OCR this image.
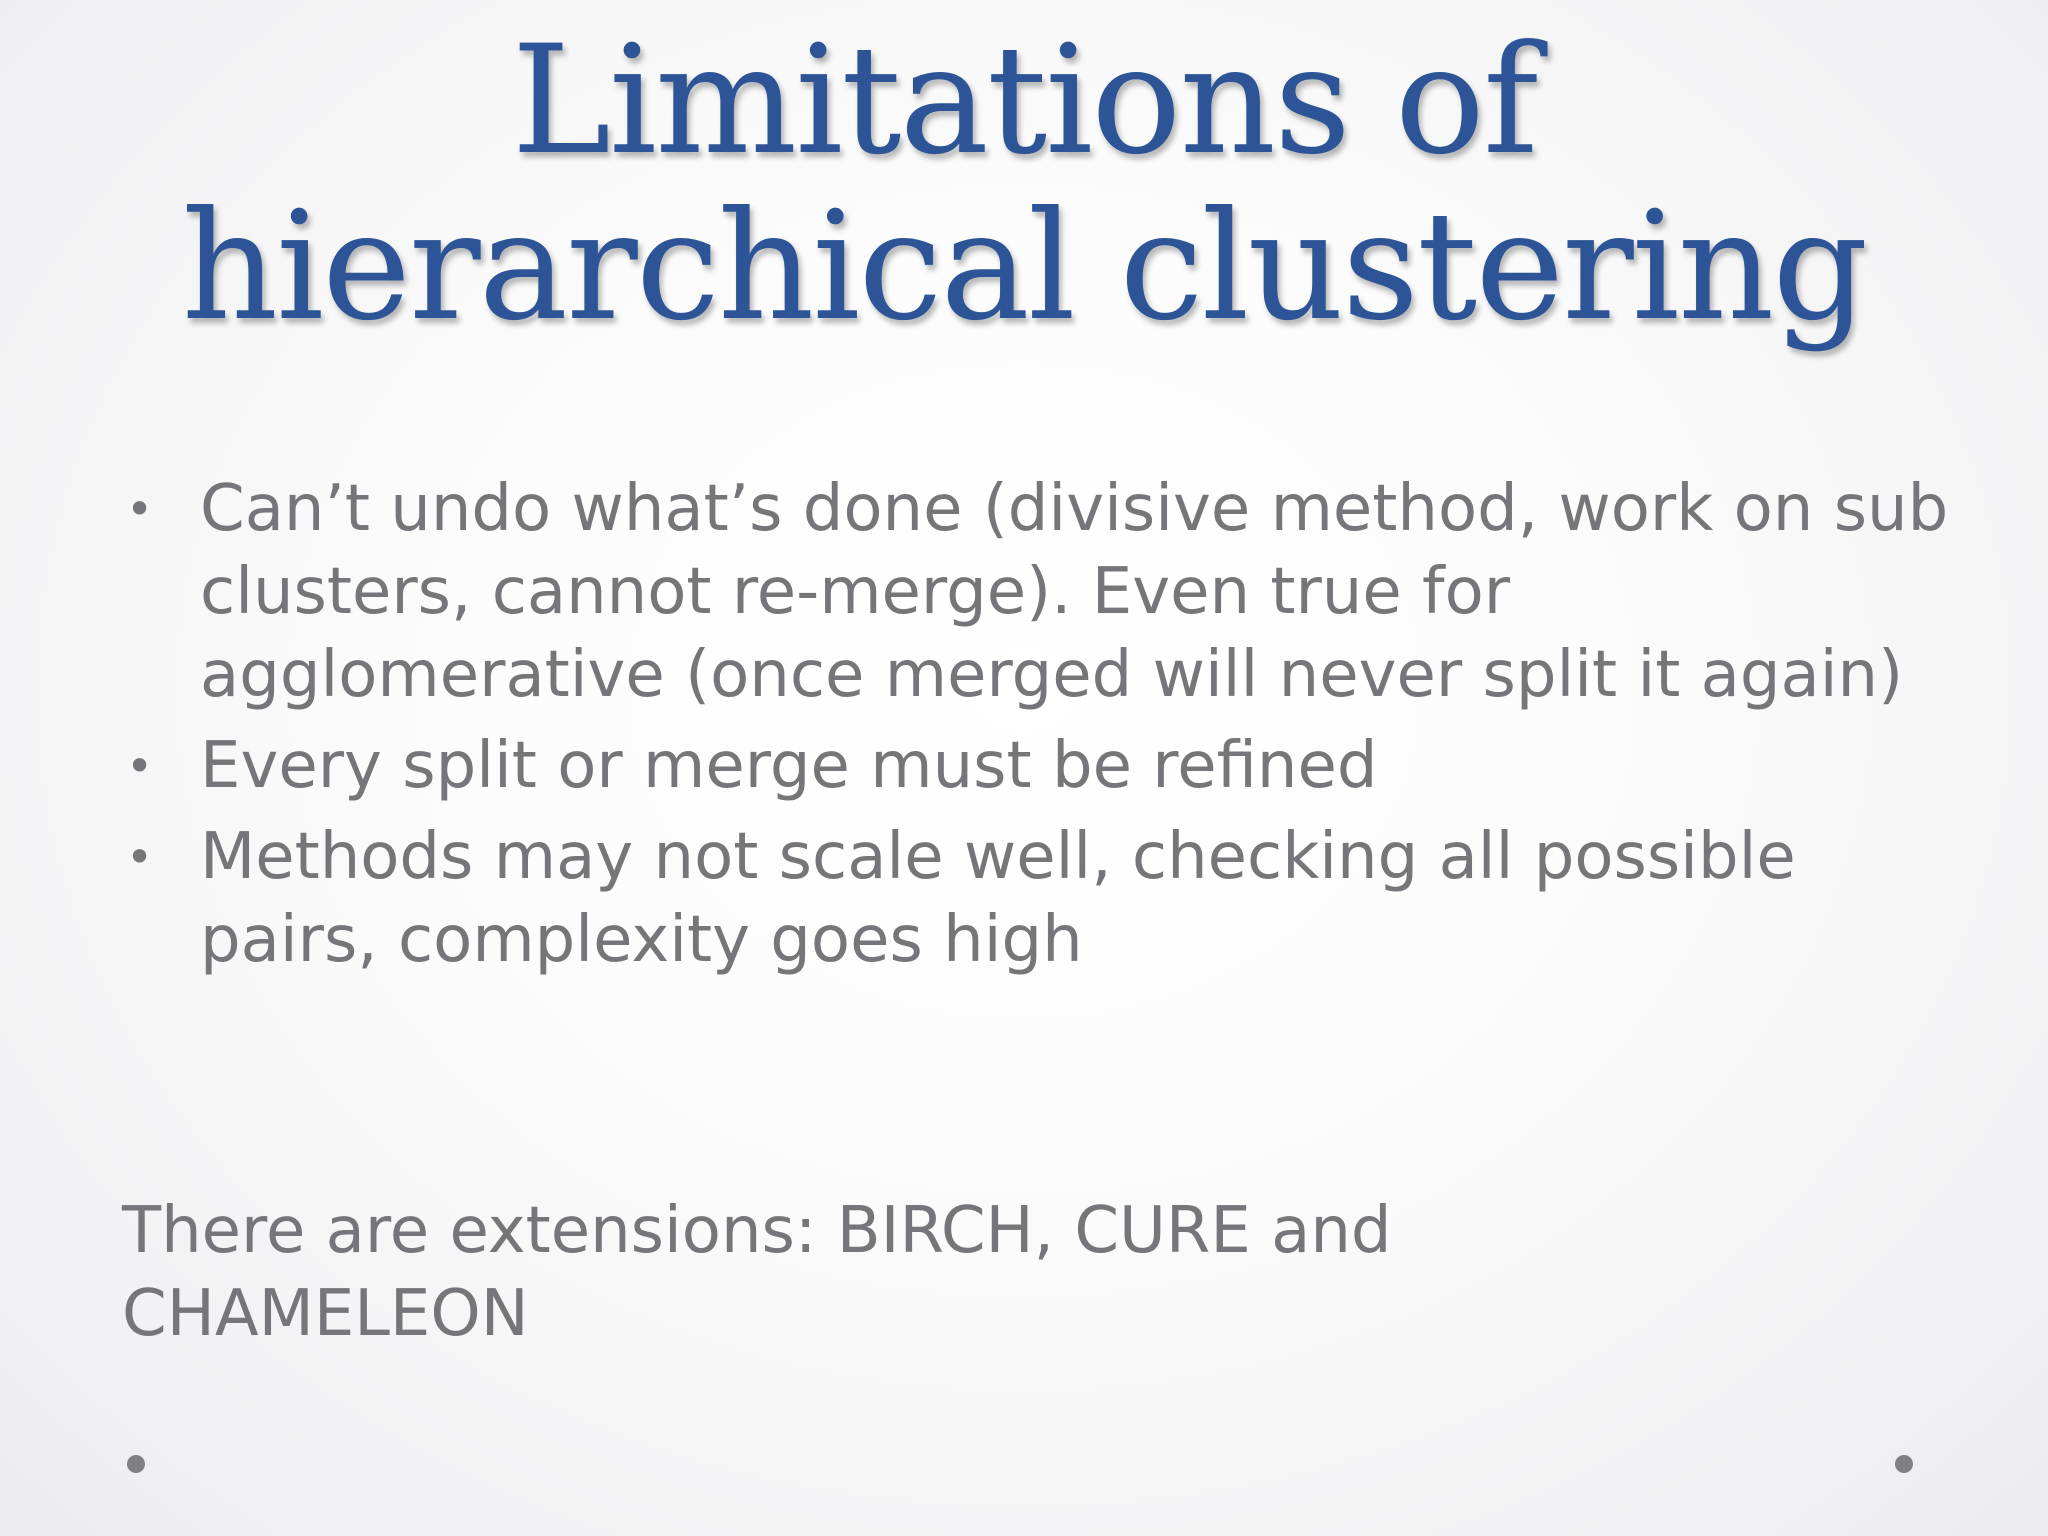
Limitations of hierarchical clustering
• Can’t undo what’s done (divisive method, work on sub clusters, cannot re-merge). Even true for agglomerative (once merged will never split it again)
• Every split or merge must be refined
• Methods may not scale well, checking all possible pairs, complexity goes high

There are extensions: BIRCH, CURE and CHAMELEON
